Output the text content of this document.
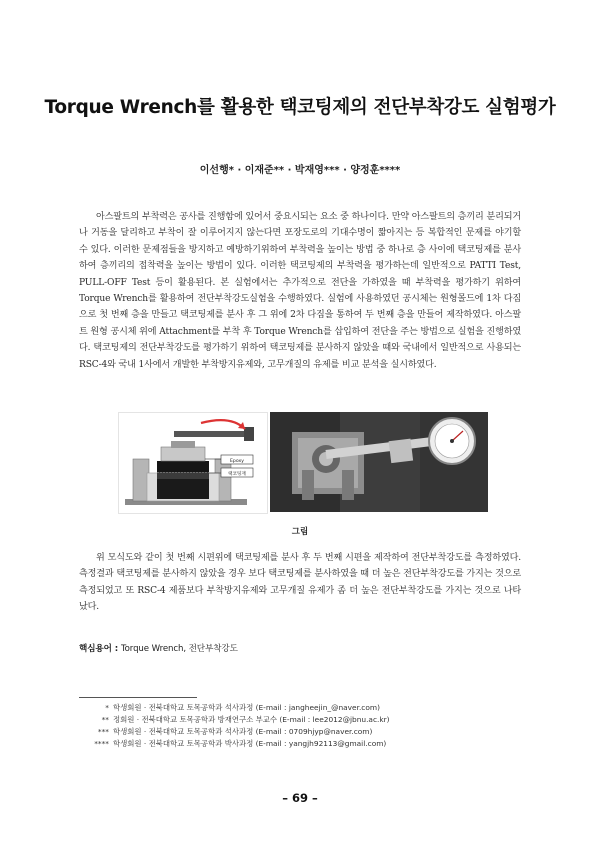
Torque Wrench를 활용한 택코팅제의 전단부착강도 실험평가
이선행* · 이재준** · 박재영*** · 양정훈****
아스팔트의 부착력은 공사를 진행함에 있어서 중요시되는 요소 중 하나이다. 만약 아스팔트의 층끼리 분리되거나 거동을 달리하고 부착이 잘 이루어지지 않는다면 포장도로의 기대수명이 짧아지는 등 복합적인 문제를 야기할 수 있다. 이러한 문제점들을 방지하고 예방하기위하여 부착력을 높이는 방법 중 하나로 층 사이에 택코팅제를 분사하여 층끼리의 접착력을 높이는 방법이 있다. 이러한 택코팅제의 부착력을 평가하는데 일반적으로 PATTI Test, PULL-OFF Test 등이 활용된다. 본 실험에서는 추가적으로 전단을 가하였을 때 부착력을 평가하기 위하여 Torque Wrench를 활용하여 전단부착강도실험을 수행하였다. 실험에 사용하였던 공시체는 원형몰드에 1차 다짐으로 첫 번째 층을 만들고 택코팅제를 분사 후 그 위에 2차 다짐을 통하여 두 번째 층을 만들어 제작하였다. 아스팔트 원형 공시체 위에 Attachment를 부착 후 Torque Wrench를 삽입하여 전단을 주는 방법으로 실험을 진행하였다. 택코팅제의 전단부착강도를 평가하기 위하여 택코팅제를 분사하지 않았을 때와 국내에서 일반적으로 사용되는 RSC-4와 국내 1사에서 개발한 부착방지유제와, 고무개질의 유제를 비교 분석을 실시하였다.
Epoxy
택코팅재
그림
위 모식도와 같이 첫 번째 시편위에 택코팅제를 분사 후 두 번째 시편을 제작하여 전단부착강도를 측정하였다. 측정결과 택코팅제를 분사하지 않았을 경우 보다 택코팅제를 분사하였을 때 더 높은 전단부착강도를 가지는 것으로 측정되었고 또 RSC-4 제품보다 부착방지유제와 고무개질 유제가 좀 더 높은 전단부착강도를 가지는 것으로 나타났다.
핵심용어 : Torque Wrench, 전단부착강도
* 학생회원 · 전북대학교 토목공학과 석사과정 (E-mail : jangheejin_@naver.com)
** 정회원 · 전북대학교 토목공학과 방재연구소 부교수 (E-mail : lee2012@jbnu.ac.kr)
*** 학생회원 · 전북대학교 토목공학과 석사과정 (E-mail : 0709hjyp@naver.com)
**** 학생회원 · 전북대학교 토목공학과 박사과정 (E-mail : yangjh92113@gmail.com)
– 69 –
